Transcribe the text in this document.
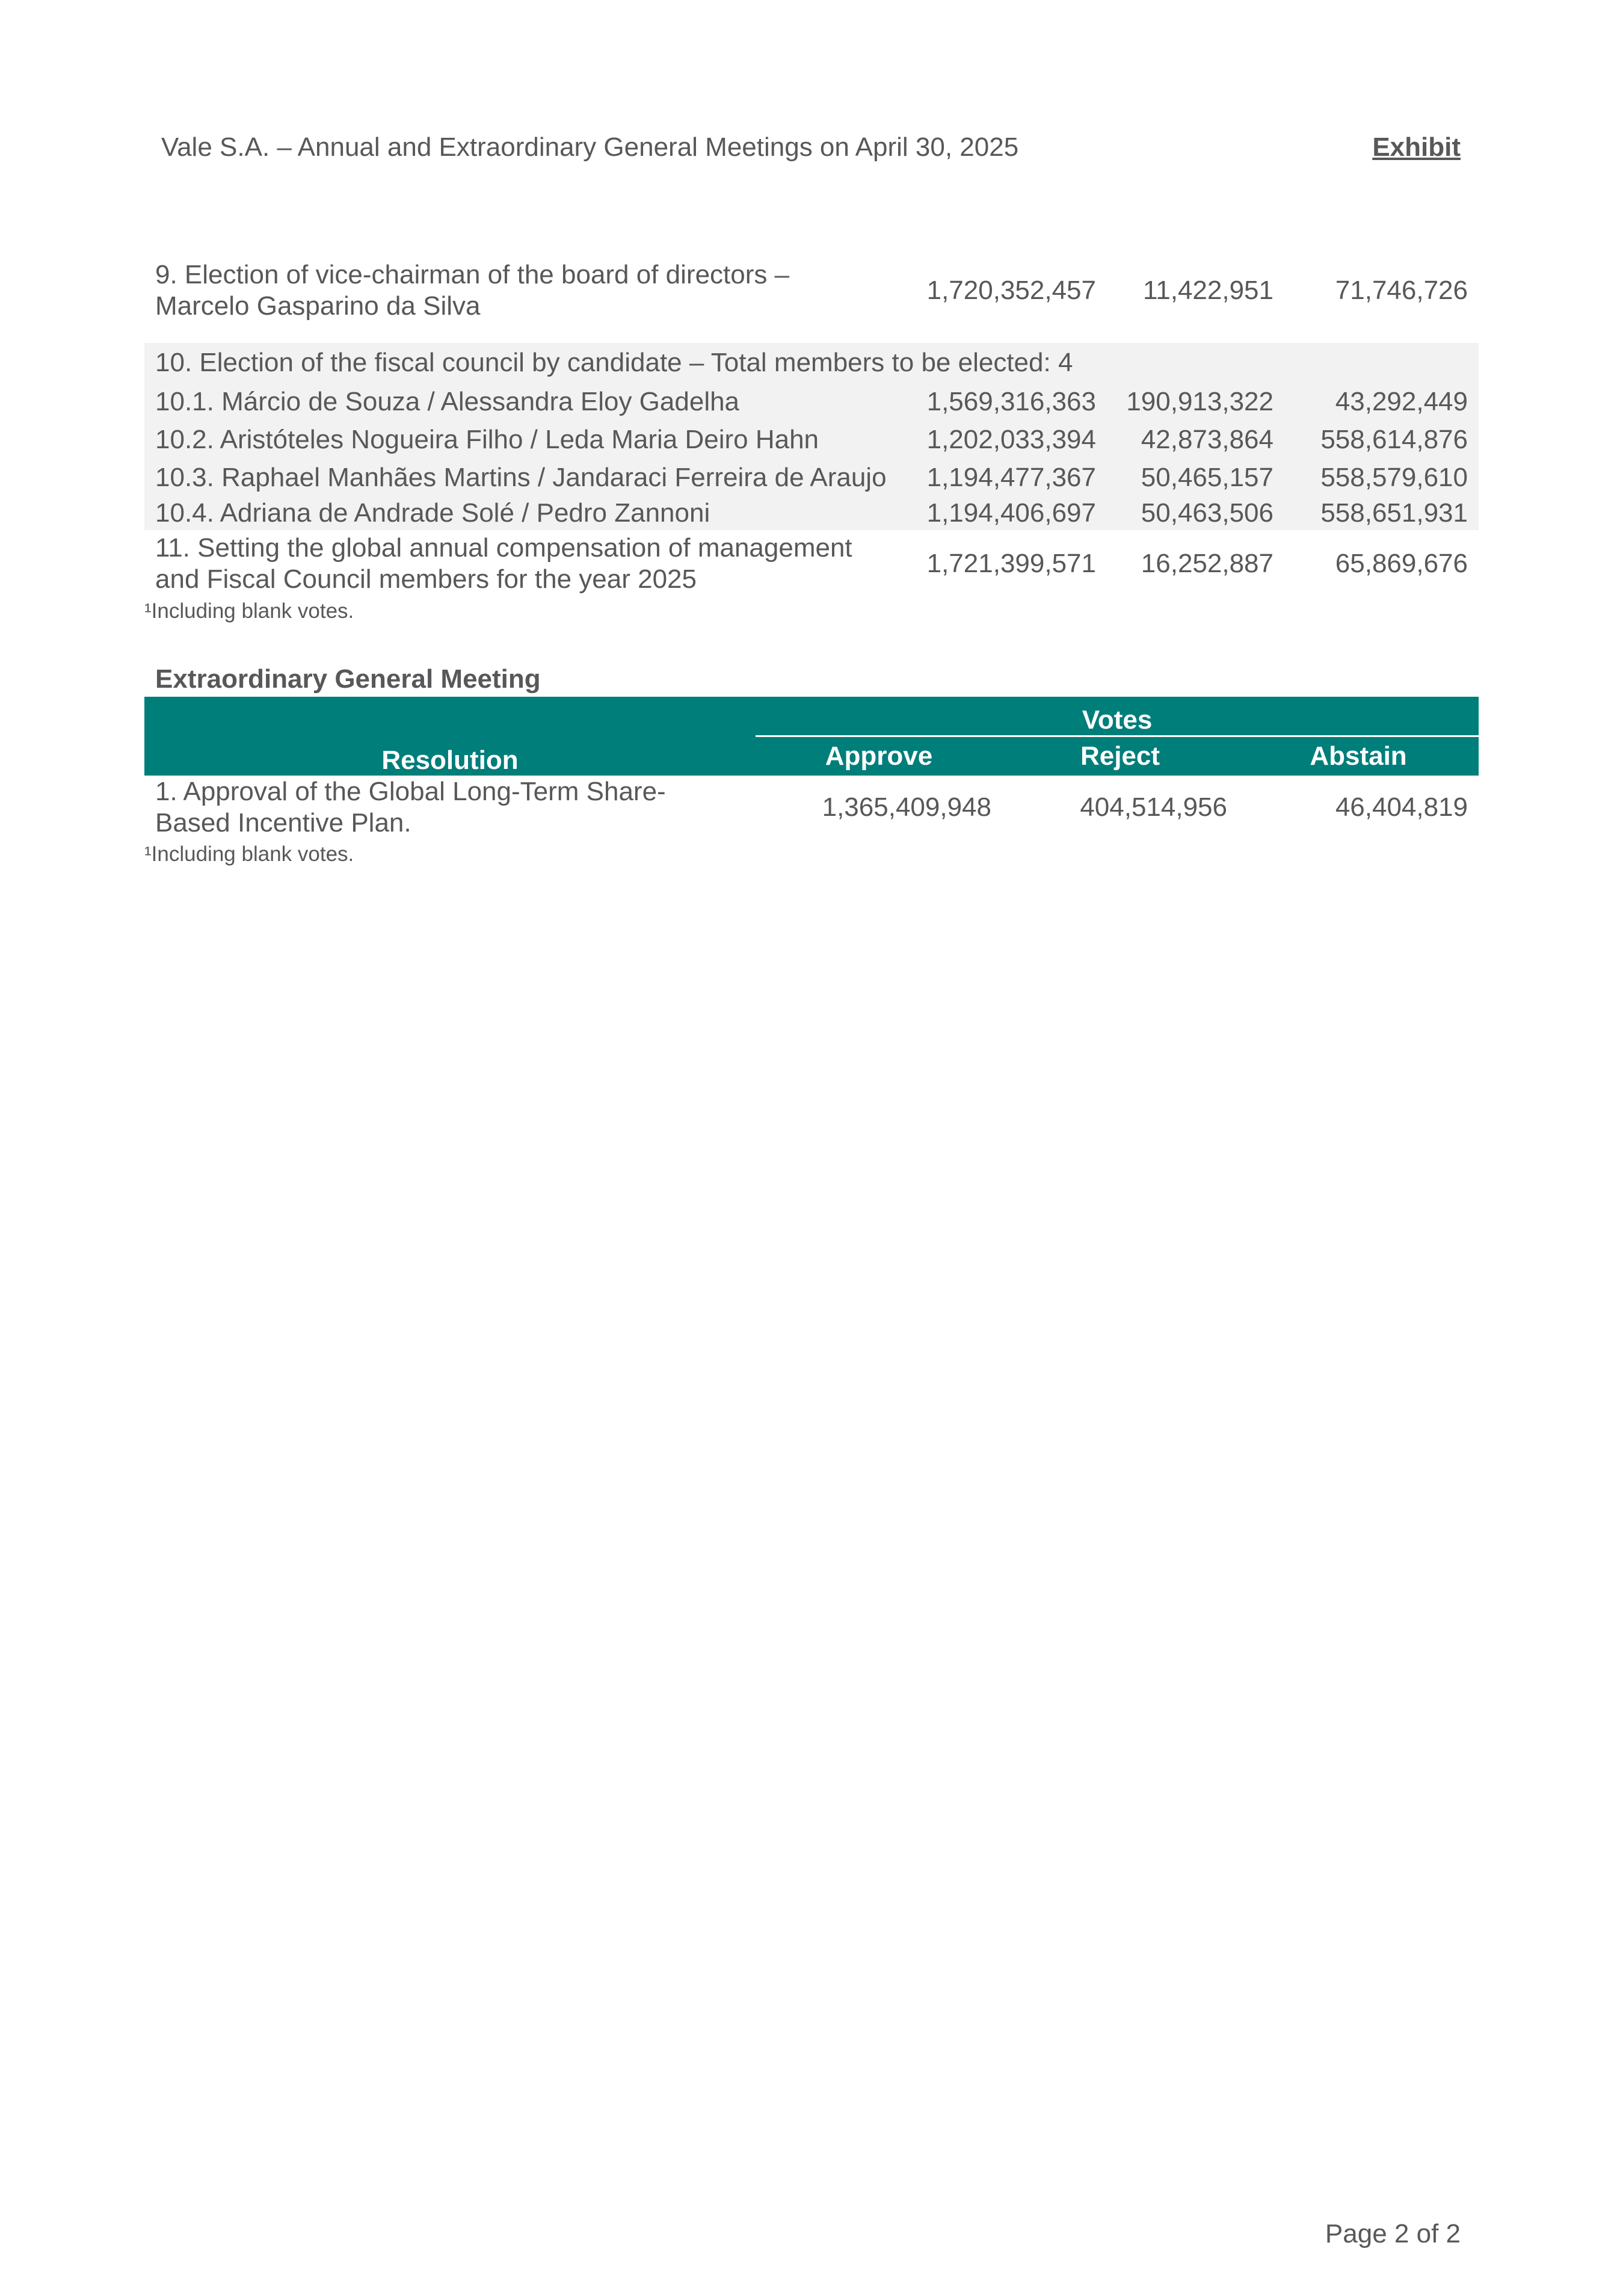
Vale S.A. – Annual and Extraordinary General Meetings on April 30, 2025	Exhibit
9. Election of vice-chairman of the board of directors –
Marcelo Gasparino da Silva	1,720,352,457	11,422,951	71,746,726

10. Election of the fiscal council by candidate – Total members to be elected: 4			
10.1. Márcio de Souza / Alessandra Eloy Gadelha	1,569,316,363	190,913,322	43,292,449
10.2. Aristóteles Nogueira Filho / Leda Maria Deiro Hahn	1,202,033,394	42,873,864	558,614,876
10.3. Raphael Manhães Martins / Jandaraci Ferreira de Araujo	1,194,477,367	50,465,157	558,579,610
10.4. Adriana de Andrade Solé / Pedro Zannoni	1,194,406,697	50,463,506	558,651,931

11. Setting the global annual compensation of management
and Fiscal Council members for the year 2025	1,721,399,571	16,252,887	65,869,676
¹Including blank votes.
Extraordinary General Meeting
Resolution	Votes		
	Approve	Reject	Abstain

1. Approval of the Global Long-Term Share-
Based Incentive Plan.	1,365,409,948	404,514,956	46,404,819
¹Including blank votes.
Page 2 of 2
